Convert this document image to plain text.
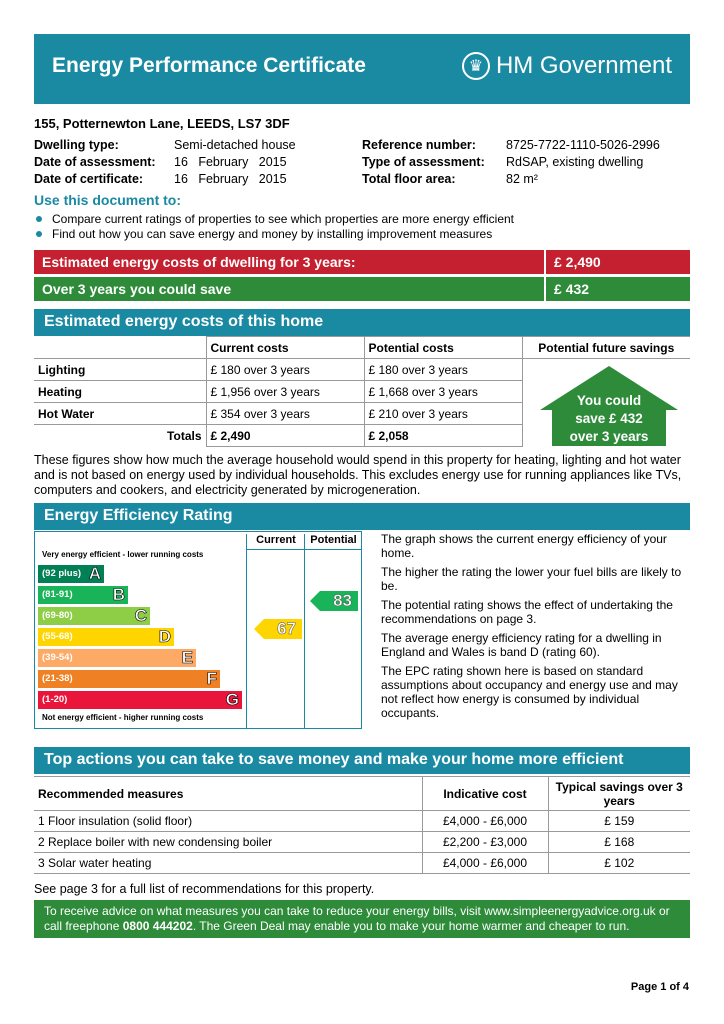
Energy Performance Certificate	♛ HM Government
155, Potternewton Lane, LEEDS, LS7 3DF
Dwelling type:	Semi-detached house	Reference number:	8725-7722-1110-5026-2996
Date of assessment:	16   February   2015	Type of assessment:	RdSAP, existing dwelling
Date of certificate:	16   February   2015	Total floor area:	82 m²
Use this document to:
Compare current ratings of properties to see which properties are more energy efficient
Find out how you can save energy and money by installing improvement measures
Estimated energy costs of dwelling for 3 years:	£ 2,490
Over 3 years you could save	£ 432
Estimated energy costs of this home
	Current costs	Potential costs	Potential future savings
Lighting	£ 180 over 3 years	£ 180 over 3 years	
Heating	£ 1,956 over 3 years	£ 1,668 over 3 years	
Hot Water	£ 354 over 3 years	£ 210 over 3 years	
Totals	£ 2,490	£ 2,058	
You could
save £ 432
over 3 years
These figures show how much the average household would spend in this property for heating, lighting and hot water and is not based on energy used by individual households. This excludes energy use for running appliances like TVs, computers and cookers, and electricity generated by microgeneration.
Energy Efficiency Rating
Current	Potential
Very energy efficient - lower running costs
Not energy efficient - higher running costs
(92 plus) A
(81-91) B
(69-80)	C
(55-68)	D
(39-54)	E
(21-38)	F
(1-20)	G
67
83

The graph shows the current energy efficiency of your home.

The higher the rating the lower your fuel bills are likely to be.

The potential rating shows the effect of undertaking the recommendations on page 3.

The average energy efficiency rating for a dwelling in England and Wales is band D (rating 60).

The EPC rating shown here is based on standard assumptions about occupancy and energy use and may not reflect how energy is consumed by individual occupants.

Top actions you can take to save money and make your home more efficient
Recommended measures	Indicative cost	Typical savings over 3 years
1 Floor insulation (solid floor)	£4,000 - £6,000	£ 159
2 Replace boiler with new condensing boiler	£2,200 - £3,000	£ 168
3 Solar water heating	£4,000 - £6,000	£ 102
See page 3 for a full list of recommendations for this property.
To receive advice on what measures you can take to reduce your energy bills, visit www.simpleenergyadvice.org.uk or call freephone 0800 444202. The Green Deal may enable you to make your home warmer and cheaper to run.
Page 1 of 4
